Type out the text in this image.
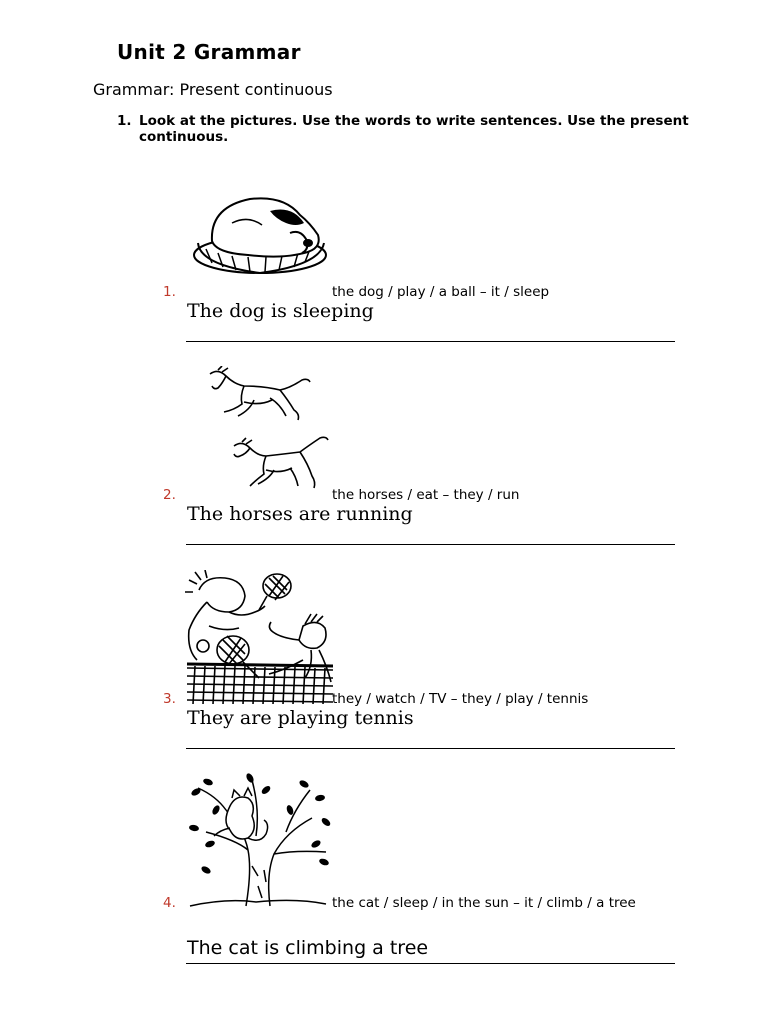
Unit 2 Grammar
Grammar: Present continuous
1. Look at the pictures. Use the words to write sentences. Use the present continuous.
1.	the dog / play / a ball – it / sleep
The dog is sleeping
2.	the horses / eat – they / run
The horses are running
3.	they / watch / TV – they / play / tennis
They are playing tennis
4.	the cat / sleep / in the sun – it / climb / a tree
The cat is climbing a tree
